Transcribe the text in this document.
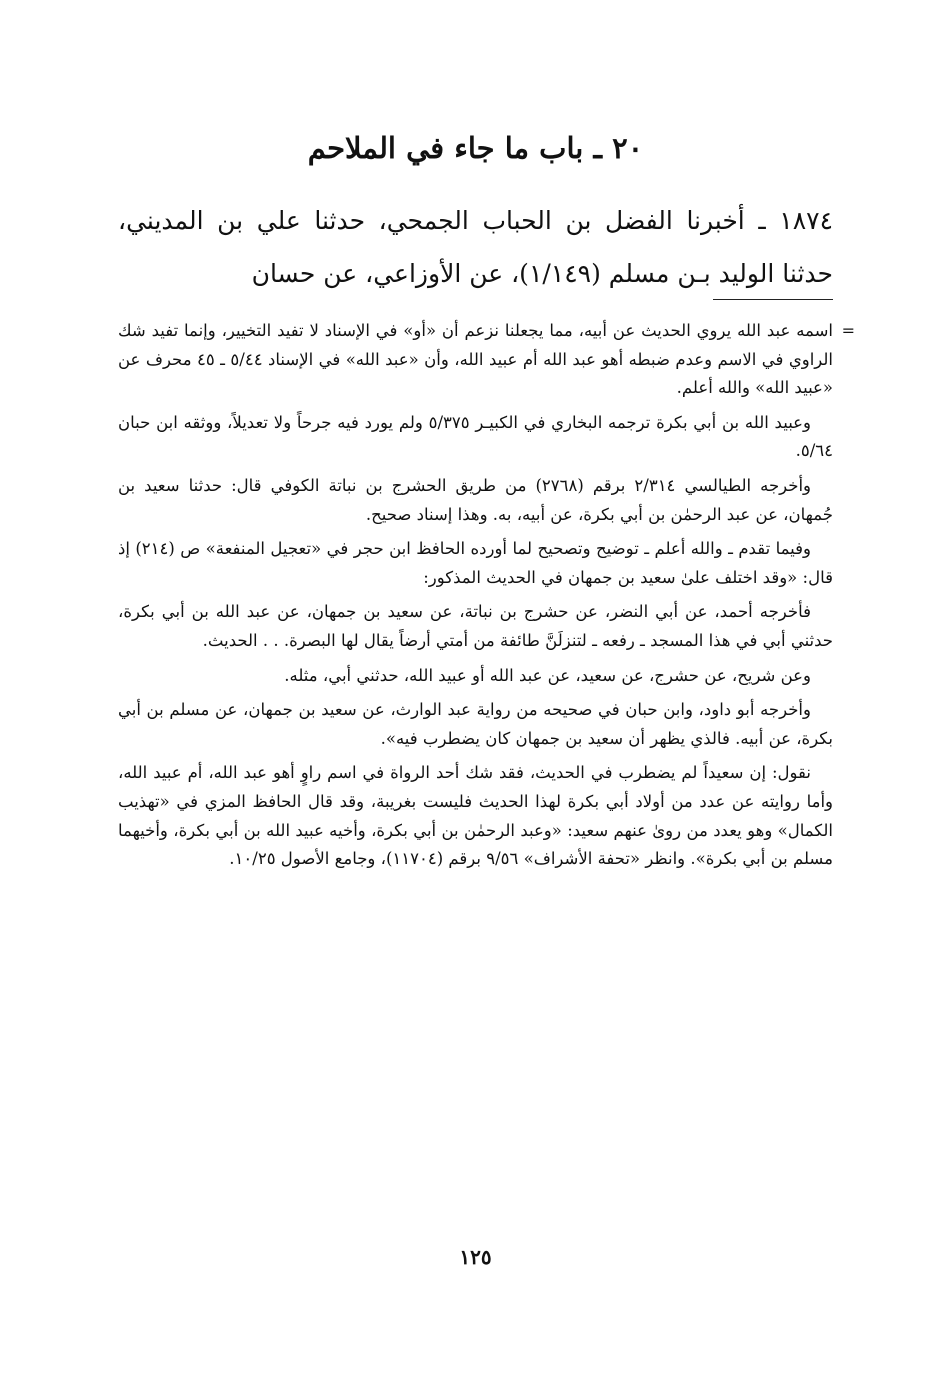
٢٠ ـ باب ما جاء في الملاحم

١٨٧٤ ـ أخبرنا الفضل بن الحباب الجمحي، حدثنا علي بن المديني، حدثنا الوليد بـن مسلم (١/١٤٩)، عن الأوزاعي، عن حسان

=
اسمه عبد الله يروي الحديث عن أبيه، مما يجعلنا نزعم أن «أو» في الإسناد لا تفيد التخيير، وإنما تفيد شك الراوي في الاسم وعدم ضبطه أهو عبد الله أم عبيد الله، وأن «عبد الله» في الإسناد ٥/٤٤ ـ ٤٥ محرف عن «عبيد الله» والله أعلم.

وعبيد الله بن أبي بكرة ترجمه البخاري في الكبيـر ٥/٣٧٥ ولم يورد فيه جرحاً ولا تعديلاً، ووثقه ابن حبان ٥/٦٤.

وأخرجه الطيالسي ٢/٣١٤ برقم (٢٧٦٨) من طريق الحشرج بن نباتة الكوفي قال: حدثنا سعيد بن جُمهان، عن عبد الرحمٰن بن أبي بكرة، عن أبيه، به. وهذا إسناد صحيح.

وفيما تقدم ـ والله أعلم ـ توضيح وتصحيح لما أورده الحافظ ابن حجر في «تعجيل المنفعة» ص (٢١٤) إذ قال: «وقد اختلف علىٰ سعيد بن جمهان في الحديث المذكور:

فأخرجه أحمد، عن أبي النضر، عن حشرج بن نباتة، عن سعيد بن جمهان، عن عبد الله بن أبي بكرة، حدثني أبي في هذا المسجد ـ رفعه ـ لتنزلَنَّ طائفة من أمتي أرضاً يقال لها البصرة. . . الحديث.

وعن شريح، عن حشرج، عن سعيد، عن عبد الله أو عبيد الله، حدثني أبي، مثله.

وأخرجه أبو داود، وابن حبان في صحيحه من رواية عبد الوارث، عن سعيد بن جمهان، عن مسلم بن أبي بكرة، عن أبيه. فالذي يظهر أن سعيد بن جمهان كان يضطرب فيه».

نقول: إن سعيداً لم يضطرب في الحديث، فقد شك أحد الرواة في اسم راوٍ أهو عبد الله، أم عبيد الله، وأما روايته عن عدد من أولاد أبي بكرة لهذا الحديث فليست بغريبة، وقد قال الحافظ المزي في «تهذيب الكمال» وهو يعدد من روىٰ عنهم سعيد: «وعبد الرحمٰن بن أبي بكرة، وأخيه عبيد الله بن أبي بكرة، وأخيهما مسلم بن أبي بكرة». وانظر «تحفة الأشراف» ٩/٥٦ برقم (١١٧٠٤)، وجامع الأصول ١٠/٢٥.

١٢٥
